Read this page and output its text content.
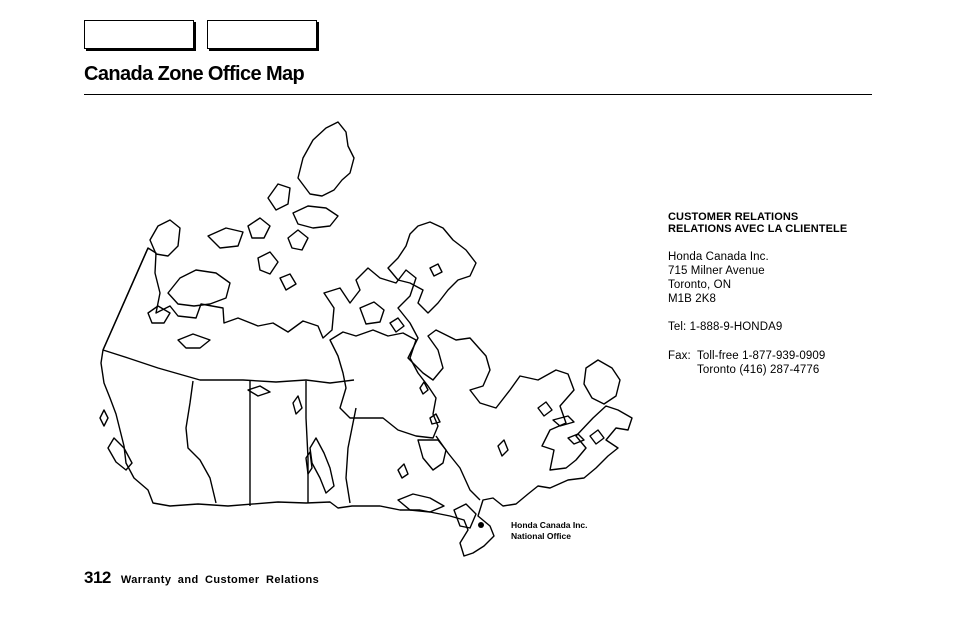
Canada Zone Office Map
Honda Canada Inc.
National Office
CUSTOMER RELATIONS
RELATIONS AVEC LA CLIENTELE
Honda Canada Inc.
715 Milner Avenue
Toronto, ON
M1B 2K8
Tel: 1-888-9-HONDA9
Fax: Toll-free 1-877-939-0909
Toronto (416) 287-4776
312 Warranty and Customer Relations
